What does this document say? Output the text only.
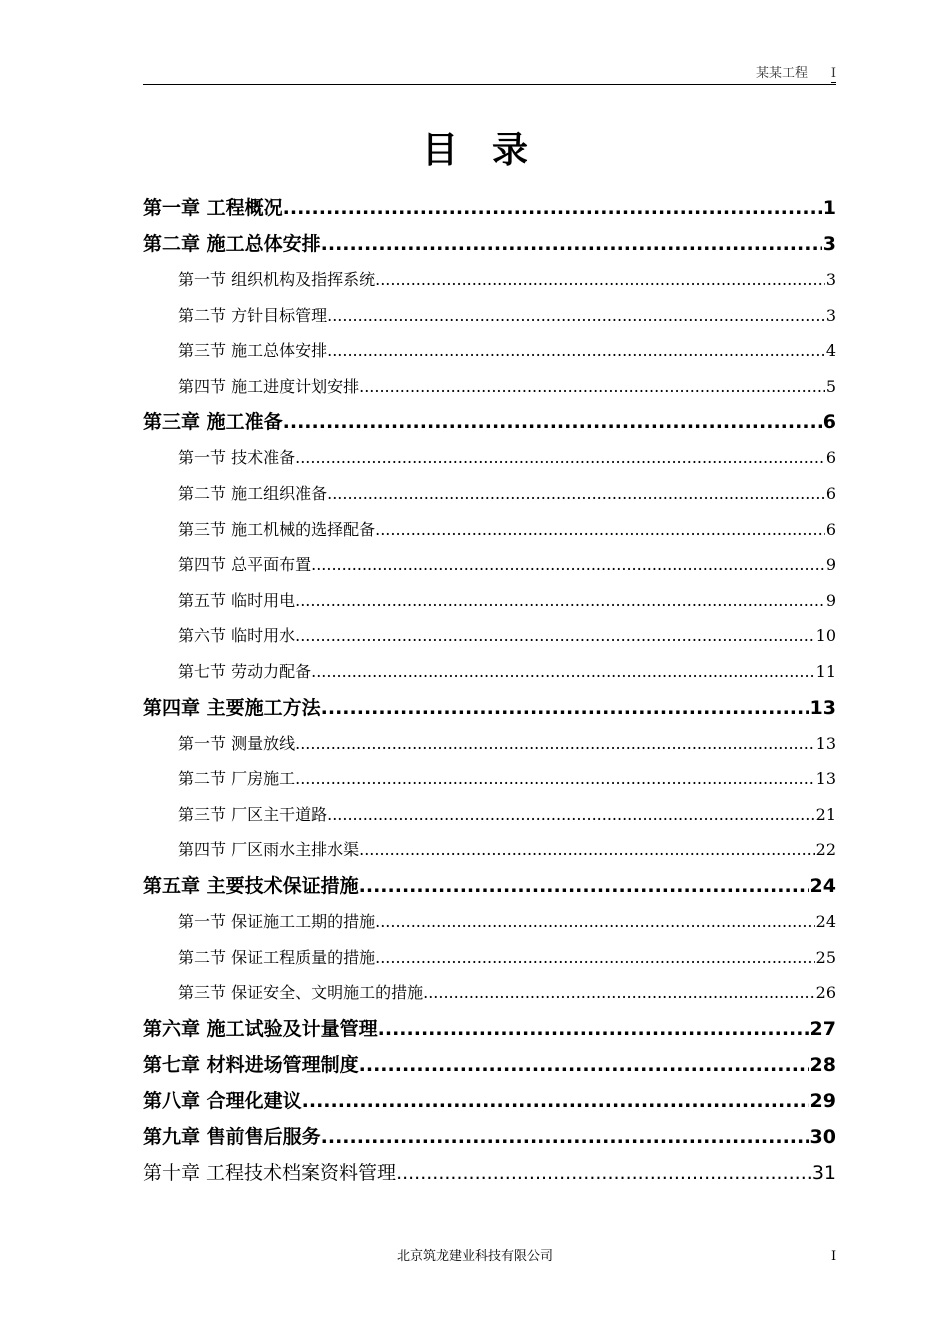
某某工程 I
目录
第一章 工程概况 .....	1
第二章 施工总体安排 .....	3
第一节 组织机构及指挥系统 .....	3
第二节 方针目标管理 .....	3
第三节 施工总体安排 .....	4
第四节 施工进度计划安排 .....	5
第三章 施工准备 .....	6
第一节 技术准备 .....	6
第二节 施工组织准备 .....	6
第三节 施工机械的选择配备 .....	6
第四节 总平面布置 .....	9
第五节 临时用电 .....	9
第六节 临时用水 .....	10
第七节 劳动力配备 .....	11
第四章 主要施工方法 .....	13
第一节 测量放线 .....	13
第二节 厂房施工 .....	13
第三节 厂区主干道路 .....	21
第四节 厂区雨水主排水渠 .....	22
第五章 主要技术保证措施 .....	24
第一节 保证施工工期的措施 .....	24
第二节 保证工程质量的措施 .....	25
第三节 保证安全、文明施工的措施 .....	26
第六章 施工试验及计量管理 .....	27
第七章 材料进场管理制度 .....	28
第八章 合理化建议 .....	29
第九章 售前售后服务 .....	30
第十章 工程技术档案资料管理 .....	31
北京筑龙建业科技有限公司	I
